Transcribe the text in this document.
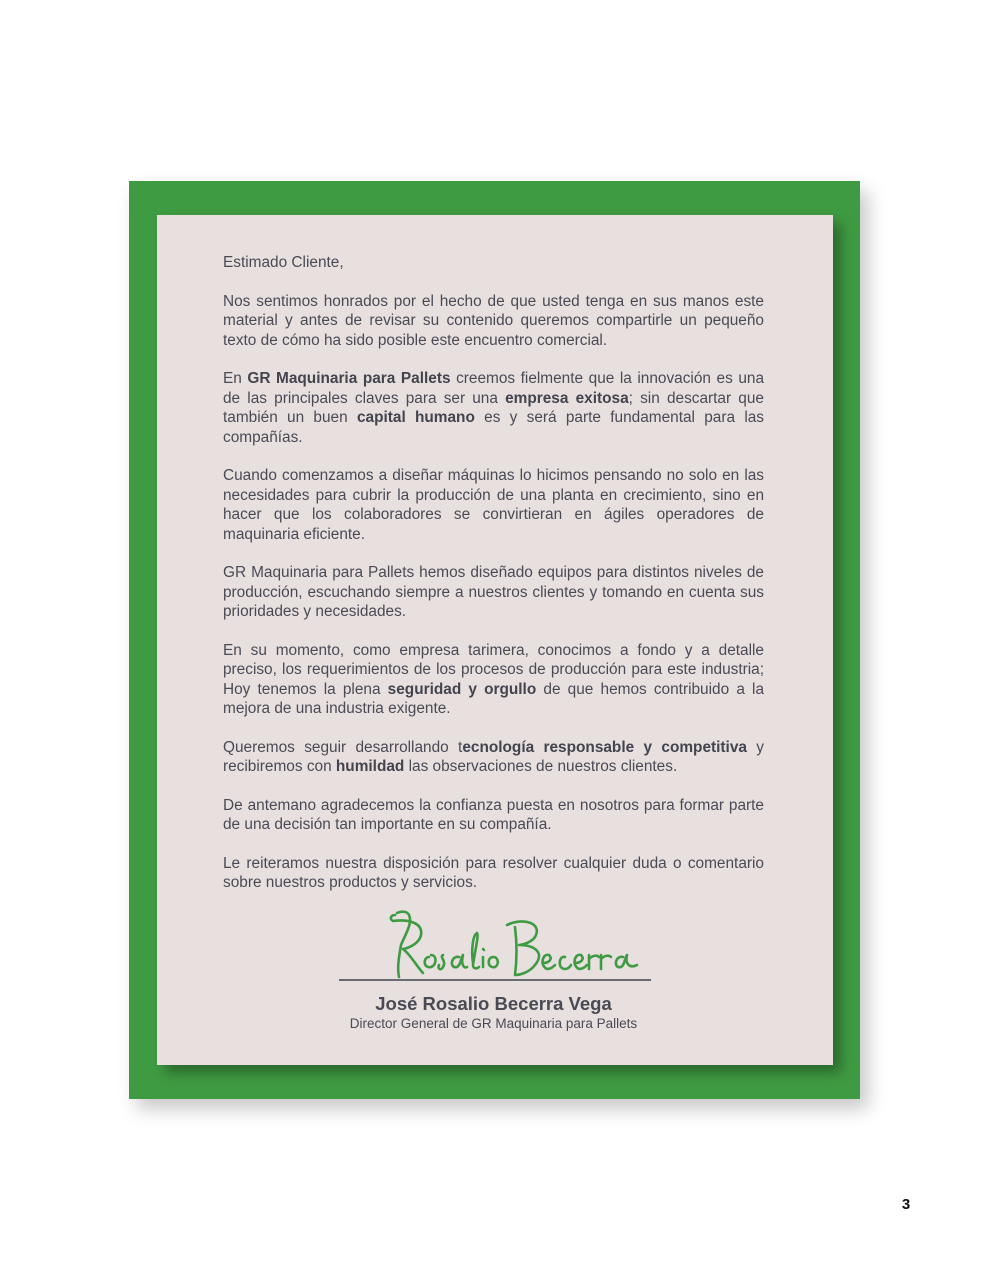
Estimado Cliente,

Nos sentimos honrados por el hecho de que usted tenga en sus manos este material y antes de revisar su contenido queremos compartirle un pequeño texto de cómo ha sido posible este encuentro comercial.

En GR Maquinaria para Pallets creemos fielmente que la innovación es una de las principales claves para ser una empresa exitosa; sin descartar que también un buen capital humano es y será parte fundamental para las compañías.

Cuando comenzamos a diseñar máquinas lo hicimos pensando no solo en las necesidades para cubrir la producción de una planta en crecimiento, sino en hacer que los colaboradores se convirtieran en ágiles operadores de maquinaria eficiente.

GR Maquinaria para Pallets hemos diseñado equipos para distintos niveles de producción, escuchando siempre a nuestros clientes y tomando en cuenta sus prioridades y necesidades.

En su momento, como empresa tarimera, conocimos a fondo y a detalle preciso, los requerimientos de los procesos de producción para este industria; Hoy tenemos la plena seguridad y orgullo de que hemos contribuido a la mejora de una industria exigente.

Queremos seguir desarrollando tecnología responsable y competitiva y recibiremos con humildad las observaciones de nuestros clientes.

De antemano agradecemos la confianza puesta en nosotros para formar parte de una decisión tan importante en su compañía.

Le reiteramos nuestra disposición para resolver cualquier duda o comentario sobre nuestros productos y servicios.

José Rosalio Becerra Vega
Director General de GR Maquinaria para Pallets
3
